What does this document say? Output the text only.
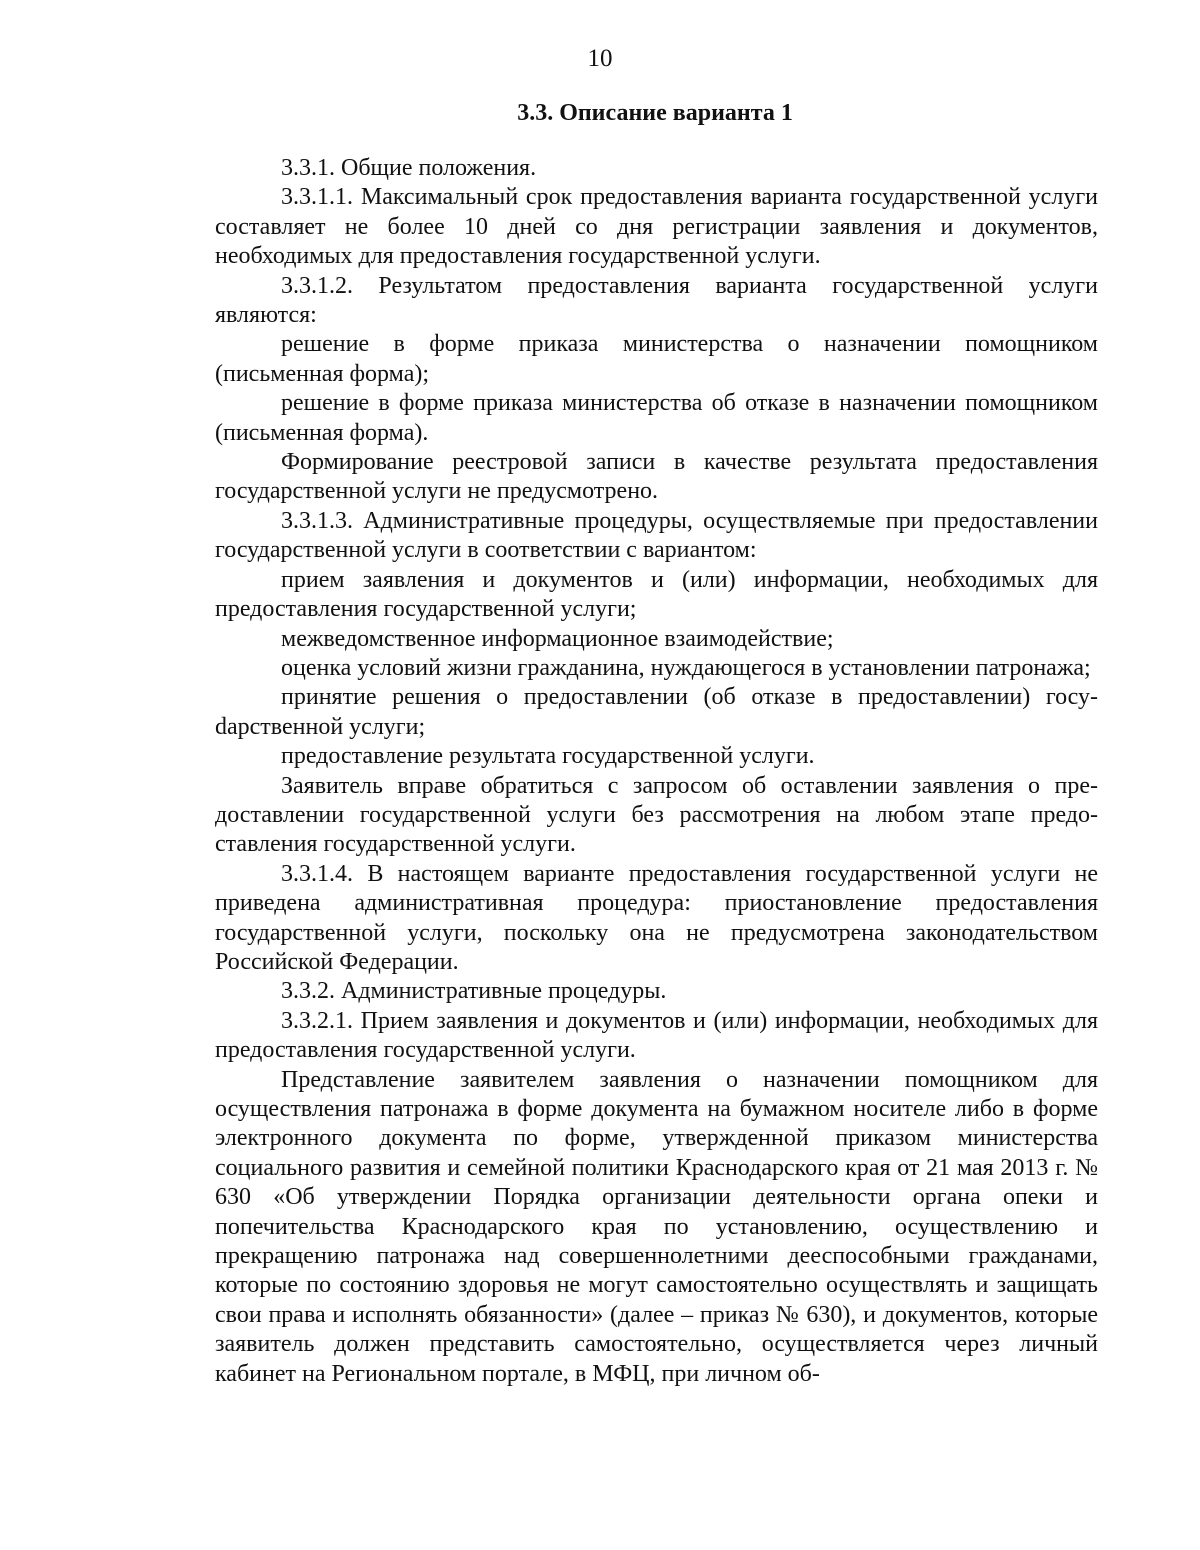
10
3.3. Описание варианта 1

3.3.1. Общие положения.

3.3.1.1. Максимальный срок предоставления варианта государственной услуги составляет не более 10 дней со дня регистрации заявления и документов, необходимых для предоставления государственной услуги.

3.3.1.2. Результатом предоставления варианта государственной услуги являются:

решение в форме приказа министерства о назначении помощником (письменная форма);

решение в форме приказа министерства об отказе в назначении помощником (письменная форма).

Формирование реестровой записи в качестве результата предоставления государственной услуги не предусмотрено.

3.3.1.3. Административные процедуры, осуществляемые при предоставлении государственной услуги в соответствии с вариантом:

прием заявления и документов и (или) информации, необходимых для предоставления государственной услуги;

межведомственное информационное взаимодействие;

оценка условий жизни гражданина, нуждающегося в установлении патронажа;

принятие решения о предоставлении (об отказе в предоставлении) госуdарственной услуги;

предоставление результата государственной услуги.

Заявитель вправе обратиться с запросом об оставлении заявления о предоставлении государственной услуги без рассмотрения на любом этапе предоставления государственной услуги.

3.3.1.4. В настоящем варианте предоставления государственной услуги не приведена административная процедура: приостановление предоставления государственной услуги, поскольку она не предусмотрена законодательством Российской Федерации.

3.3.2. Административные процедуры.

3.3.2.1. Прием заявления и документов и (или) информации, необходимых для предоставления государственной услуги.

Представление заявителем заявления о назначении помощником для осуществления патронажа в форме документа на бумажном носителе либо в форме электронного документа по форме, утвержденной приказом министерства социального развития и семейной политики Краснодарского края от 21 мая 2013 г. № 630 «Об утверждении Порядка организации деятельности органа опеки и попечительства Краснодарского края по установлению, осуществлению и прекращению патронажа над совершеннолетними дееспособными гражданами, которые по состоянию здоровья не могут самостоятельно осуществлять и защищать свои права и исполнять обязанности» (далее – приказ № 630), и документов, которые заявитель должен представить самостоятельно, осуществляется через личный кабинет на Региональном портале, в МФЦ, при личном об-
